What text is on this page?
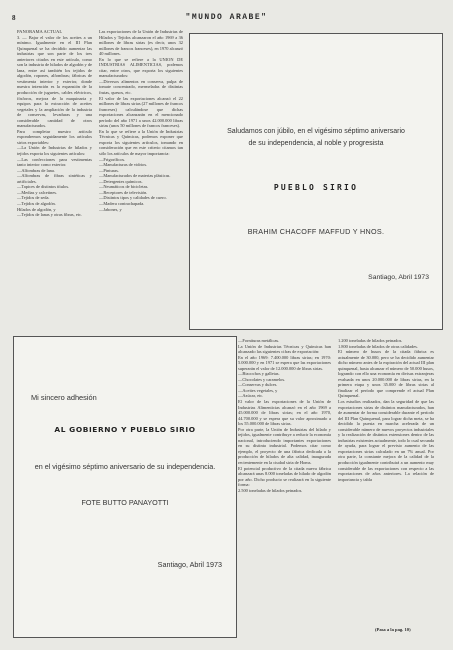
8	"MUNDO ARABE"
PANORAMA ACTUAL
3. — Bajar el valor de los aceites a un mínimo. Igualmente en el III Plan Quinquenal se ha decidido aumentar las industrias que son parte de los tres anteriores citados en este artículo, como son la industria de hilados de algodón y de lana, entre así también los tejidos de algodón, ropones, alfombras; fábricas de vestimenta interior y exterior, donde nuestra intención es la expansión de la producción de juguetes, cables eléctricos, fósforos, mejora de la maquinaria y equipos para la extracción de aceites vegetales y la ampliación de la industria de conservas, levaduras y una considerable cantidad de otros manufacturados.
Para completar nuestro artículo expondremos seguidamente los artículos sirios exportables:
—La Unión de Industrias de hilados y tejidos exporta los siguientes artículos:
—Las confecciones para vestimentas tanto interior como exterior.
—Alfombras de lana.
—Alfombras de fibras sintéticas y artificiales.
—Tapices de distintos títulos.
—Medias y calcetines.
—Tejidos de seda.
—Tejidos de algodón.
Hilados de algodón, y
—Tejidos de lanas y otras fibras, etc.
Las exportaciones de la Unión de Industrias de Hilados y Tejidos alcanzaron el año 1969 a 36 millones de libras sirias (es decir, unos 32 millones de francos franceses), en 1970 alcanzó 40 millones.
En lo que se refiere a la UNION DE INDUSTRIAS ALIMENTICIAS, podemos citar, entre otros, que exporta los siguientes manufacturados:
—Diversos alimentos en conserva, pulpa de tomate concentrado, mermeladas de distintas frutas, quesos, etc.
El valor de las exportaciones alcanzó el 22 millones de libras sirias (27 millones de francos franceses) calculándose que dichas exportaciones alcanzarán en el mencionado período del año 1971 a unos 42.000.000 libras sirias (unos 50 millones de francos franceses).
En lo que se refiere a la Unión de Industrias Técnicas y Químicas, podemos exponer que exporta los siguientes artículos, tomando en consideración que en este criterio citamos tan sólo los artículos de mayor importancia:
—Frigoríficos.
—Manufacturas de vidrios.
—Pinturas.
—Manufacturados de materias plásticas.
—Detergentes químicos.
—Neumáticos de bicicletas.
—Receptores de televisión.
—Distintos tipos y calidades de cuero.
—Madera contrachapada.
—Jabones, y
Saludamos con júbilo, en el vigésimo séptimo aniversario
de su independencia, al noble y progresista
PUEBLO SIRIO
BRAHIM CHACOFF MAFFUD Y HNOS.
Santiago, Abril 1973
Mi sincero adhesión
AL GOBIERNO Y PUEBLO SIRIO
en el vigésimo séptimo aniversario de su independencia.
FOTE BUTTO PANAYOTTI
Santiago, Abril 1973
—Fornituras metálicas.
La Unión de Industrias Técnicas y Químicas han alcanzado las siguientes cifras de exportación:
En el año 1969: 7.400.000 libras sirias; en 1970: 5.000.000 y en 1971 se espera que las exportaciones superarán el valor de 12.000.000 de libras sirias.
—Bizcochos y galletas.
—Chocolates y caramelos.
—Conservas y dulces.
—Aceites vegetales, y
—Azúcar, etc.
El valor de las exportaciones de la Unión de Industrias Alimenticias alcanzó en el año 1969 a 45.000.000 de libras sirias; en el año 1970, 44.700.000 y se espera que su valor aproximado a los 55.000.000 de libras sirias.
Por otra parte, la Unión de Industrias del hilado y tejidos, igualmente contribuye a reducir la economía nacional, introduciendo importantes exportaciones en su distinta industrial. Podemos citar como ejemplo, el proyecto de una fábrica dedicada a la producción de hilados de alta calidad, inaugurada recientemente en la ciudad siria de Homs.
El potencial productivo de la citada nueva fábrica alcanzará unas 8.000 toneladas de hilado de algodón por año. Dicho producto se realizará en la siguiente forma:
2.500 toneladas de hilados peinados.
1.200 toneladas de hilados peinados.
1.800 toneladas de hilados de otras calidades.
El número de husos de la citada fábrica es actualmente de 30.000, pero se ha decidido aumentar dicho número antes de la expiración del actual III plan quinquenal, hasta alcanzar el número de 50.000 husos, logrando con ello una economía en divisas extranjeras evaluada en unos 20.000.000 de libras sirias, en la primera etapa y unos 35.000 de libras sirias al finalizar el período que comprende el actual Plan Quinquenal.
Los estudios realizados, dan la seguridad de que las exportaciones sirias de distintos manufacturados, han de aumentar de forma considerable durante el período del III Plan Quinquenal, para lograr dicha meta, se ha decidido la puesta en marcha acelerada de un considerable número de nuevos proyectos industriales y la realización de distintos extensiones dentro de las industrias existentes actualmente, todo lo cual secunda de ayuda, para lograr el previsto aumento de las exportaciones sirias calculado en un 7% anual. Por otra parte, la constante mejora de la calidad de la producción igualmente contribuirá a un aumento muy considerable de las exportaciones con respecto a las exportaciones de años anteriores. La relación de importancia y tabla
(Pasa a la pag. 10)
